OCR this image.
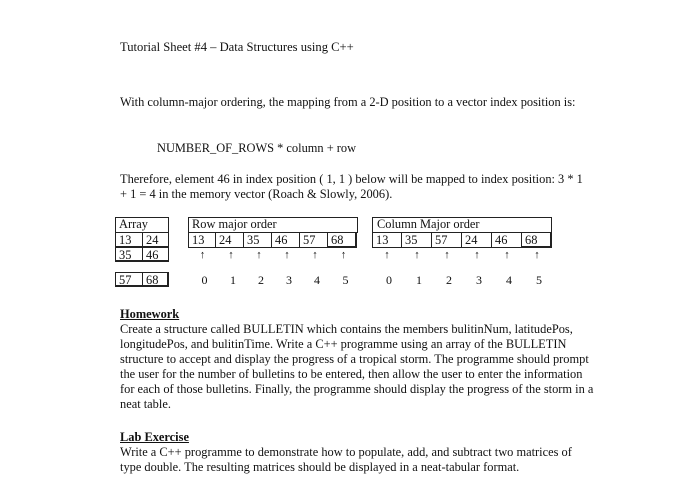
Tutorial Sheet #4 – Data Structures using C++
With column-major ordering, the mapping from a 2-D position to a vector index position is:
NUMBER_OF_ROWS * column + row
Therefore, element 46 in index position ( 1, 1 ) below will be mapped to index position: 3 * 1 + 1 = 4 in the memory vector (Roach & Slowly, 2006).
Array
13	24
35	46
57	68
Row major order
13	24	35	46	57	68
↑	↑	↑	↑	↑	↑
0	1	2	3	4	5
Column Major order
13	35	57	24	46	68
↑	↑	↑	↑	↑	↑
0	1	2	3	4	5
Homework
Create a structure called BULLETIN which contains the members bulitinNum, latitudePos, longitudePos, and bulitinTime. Write a C++ programme using an array of the BULLETIN structure to accept and display the progress of a tropical storm. The programme should prompt the user for the number of bulletins to be entered, then allow the user to enter the information for each of those bulletins. Finally, the programme should display the progress of the storm in a neat table.
Lab Exercise
Write a C++ programme to demonstrate how to populate, add, and subtract two matrices of type double. The resulting matrices should be displayed in a neat-tabular format.
